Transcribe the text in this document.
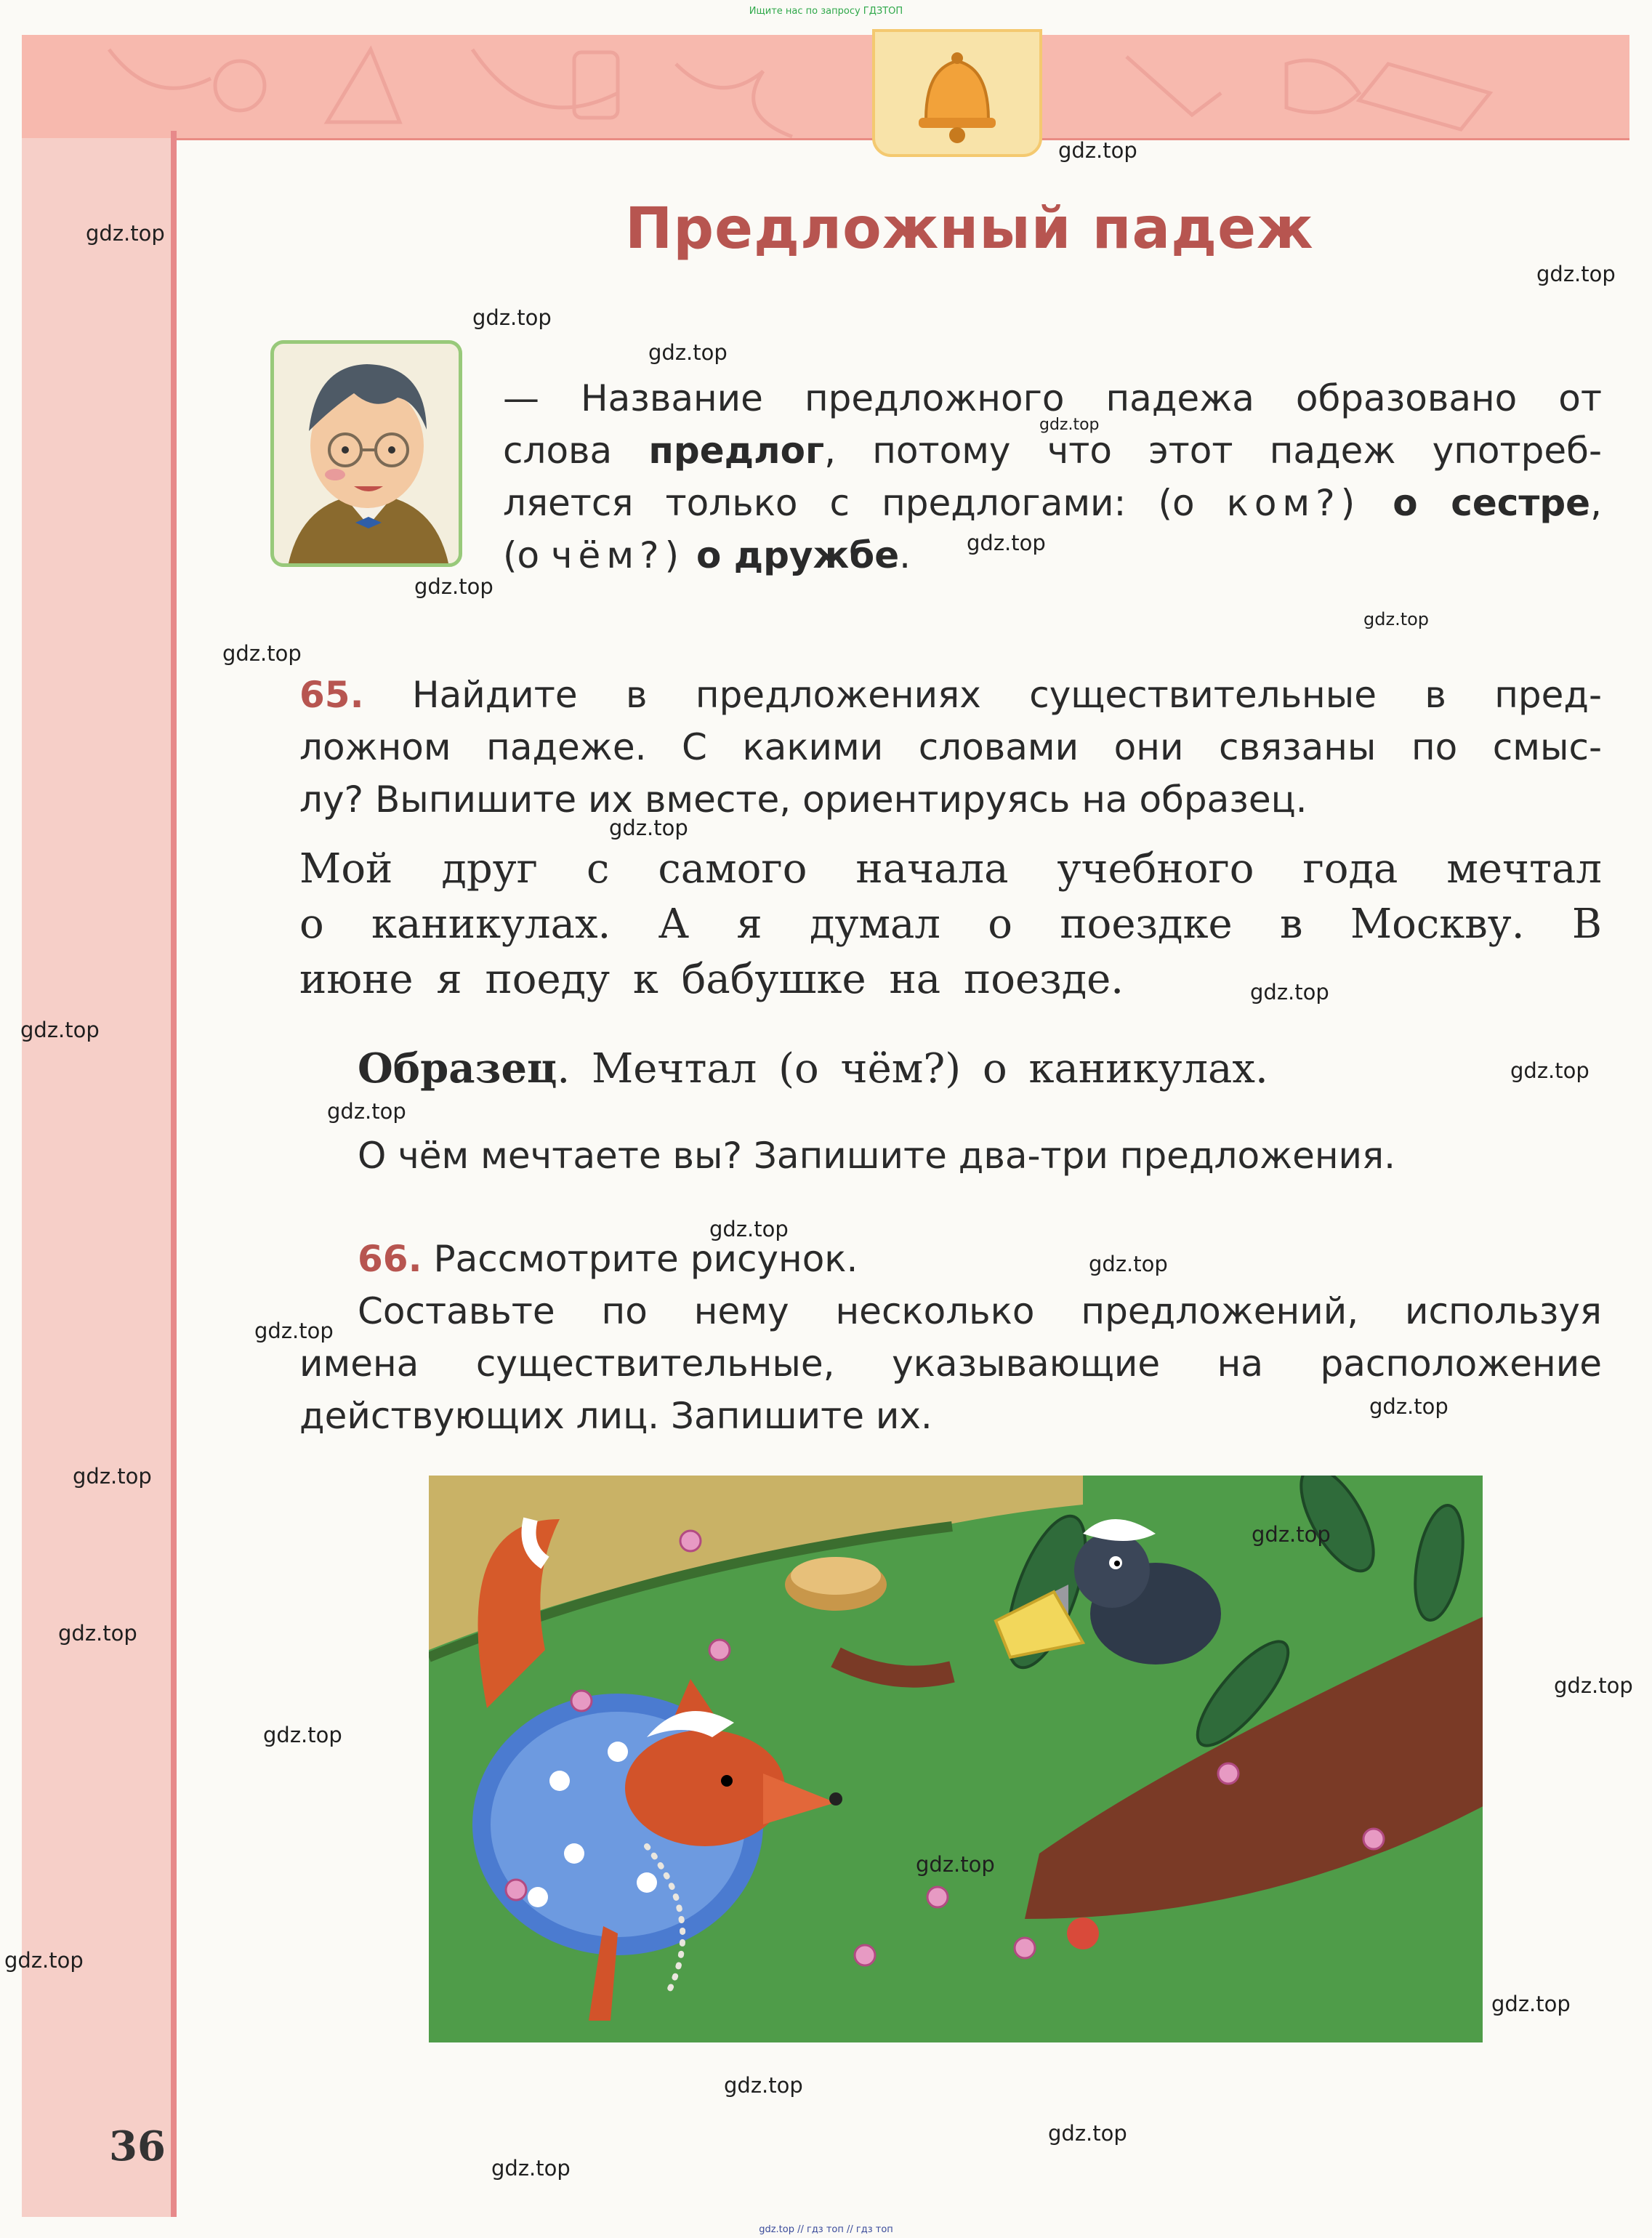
Ищите нас по запросу ГДЗТОП
36
Предложный падеж

— Название предложного падежа образовано от

слова предлог, потому что этот падеж употреб-

ляется только с предлогами: (о ком?) о сестре,

(о чём?) о дружбе.

65. Найдите в предложениях существительные в пред-

ложном падеже. С какими словами они связаны по смыс-

лу? Выпишите их вместе, ориентируясь на образец.

Мой друг с самого начала учебного года мечтал

о каникулах. А я думал о поездке в Москву. В

июне я поеду к бабушке на поезде.

Образец. Мечтал (о чём?) о каникулах.

О чём мечтаете вы? Запишите два-три предложения.

66. Рассмотрите рисунок.

Составьте по нему несколько предложений, используя

имена существительные, указывающие на расположение

действующих лиц. Запишите их.

gdz.top
gdz.top
gdz.top
gdz.top
gdz.top
gdz.top
gdz.top
gdz.top
gdz.top
gdz.top
gdz.top
gdz.top
gdz.top
gdz.top
gdz.top
gdz.top
gdz.top
gdz.top
gdz.top
gdz.top
gdz.top
gdz.top
gdz.top
gdz.top
gdz.top
gdz.top
gdz.top
gdz.top
gdz.top
gdz.top
gdz.top // гдз топ // гдз топ
